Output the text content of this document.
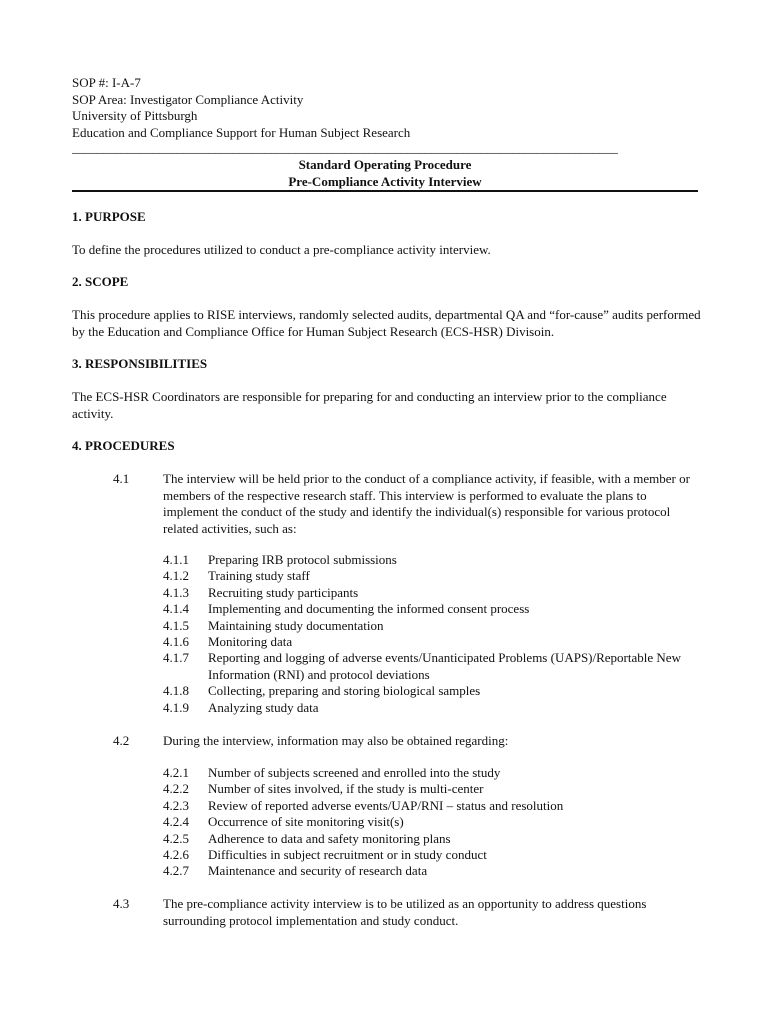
SOP #: I-A-7
SOP Area: Investigator Compliance Activity
University of Pittsburgh
Education and Compliance Support for Human Subject Research
________________________________________________________________________________________
Standard Operating Procedure
Pre-Compliance Activity Interview
1. PURPOSE
To define the procedures utilized to conduct a pre-compliance activity interview.
2. SCOPE
This procedure applies to RISE interviews, randomly selected audits, departmental QA and “for-cause” audits performed by the Education and Compliance Office for Human Subject Research (ECS-HSR) Divisoin.
3. RESPONSIBILITIES
The ECS-HSR Coordinators are responsible for preparing for and conducting an interview prior to the compliance activity.
4. PROCEDURES
4.1	The interview will be held prior to the conduct of a compliance activity, if feasible, with a member or members of the respective research staff. This interview is performed to evaluate the plans to implement the conduct of the study and identify the individual(s) responsible for various protocol related activities, such as:
4.1.1 Preparing IRB protocol submissions
4.1.2 Training study staff
4.1.3 Recruiting study participants
4.1.4 Implementing and documenting the informed consent process
4.1.5 Maintaining study documentation
4.1.6 Monitoring data
4.1.7 Reporting and logging of adverse events/Unanticipated Problems (UAPS)/Reportable New Information (RNI) and protocol deviations
4.1.8 Collecting, preparing and storing biological samples
4.1.9 Analyzing study data
4.2	During the interview, information may also be obtained regarding:
4.2.1 Number of subjects screened and enrolled into the study
4.2.2 Number of sites involved, if the study is multi-center
4.2.3 Review of reported adverse events/UAP/RNI – status and resolution
4.2.4 Occurrence of site monitoring visit(s)
4.2.5 Adherence to data and safety monitoring plans
4.2.6 Difficulties in subject recruitment or in study conduct
4.2.7 Maintenance and security of research data
4.3	The pre-compliance activity interview is to be utilized as an opportunity to address questions surrounding protocol implementation and study conduct.
